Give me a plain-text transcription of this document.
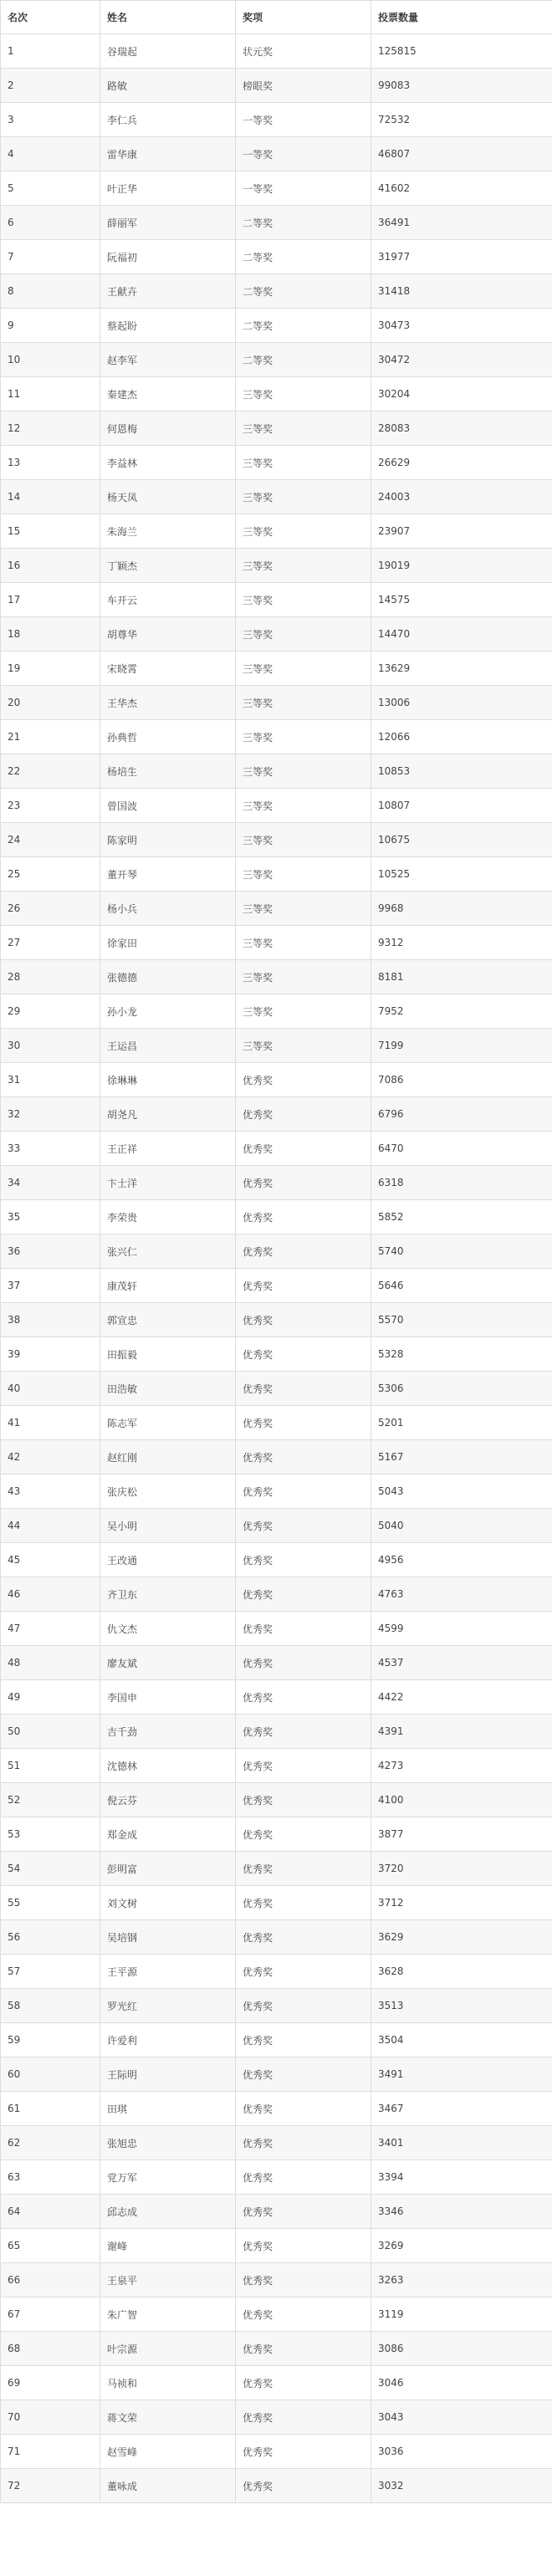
名次	姓名	奖项	投票数量
1	谷瑞起	状元奖	125815
2	路敏	榜眼奖	99083
3	李仁兵	一等奖	72532
4	雷华康	一等奖	46807
5	叶正华	一等奖	41602
6	薛丽军	二等奖	36491
7	阮福初	二等奖	31977
8	王献卉	二等奖	31418
9	蔡起盼	二等奖	30473
10	赵李军	二等奖	30472
11	秦建杰	三等奖	30204
12	何恩梅	三等奖	28083
13	李益林	三等奖	26629
14	杨天凤	三等奖	24003
15	朱海兰	三等奖	23907
16	丁颖杰	三等奖	19019
17	车开云	三等奖	14575
18	胡尊华	三等奖	14470
19	宋晓霄	三等奖	13629
20	王华杰	三等奖	13006
21	孙典哲	三等奖	12066
22	杨培生	三等奖	10853
23	曾国波	三等奖	10807
24	陈家明	三等奖	10675
25	董开琴	三等奖	10525
26	杨小兵	三等奖	9968
27	徐家田	三等奖	9312
28	张德德	三等奖	8181
29	孙小龙	三等奖	7952
30	王运昌	三等奖	7199
31	徐琳琳	优秀奖	7086
32	胡尧凡	优秀奖	6796
33	王正祥	优秀奖	6470
34	卞士洋	优秀奖	6318
35	李荣贵	优秀奖	5852
36	张兴仁	优秀奖	5740
37	康茂轩	优秀奖	5646
38	郭宣忠	优秀奖	5570
39	田振毅	优秀奖	5328
40	田浩敏	优秀奖	5306
41	陈志军	优秀奖	5201
42	赵红刚	优秀奖	5167
43	张庆松	优秀奖	5043
44	吴小明	优秀奖	5040
45	王改通	优秀奖	4956
46	齐卫东	优秀奖	4763
47	仇文杰	优秀奖	4599
48	廖友斌	优秀奖	4537
49	李国申	优秀奖	4422
50	吉千劲	优秀奖	4391
51	沈德林	优秀奖	4273
52	倪云芬	优秀奖	4100
53	郑金成	优秀奖	3877
54	彭明富	优秀奖	3720
55	刘文树	优秀奖	3712
56	吴培钢	优秀奖	3629
57	王平源	优秀奖	3628
58	罗光红	优秀奖	3513
59	许爱利	优秀奖	3504
60	王际明	优秀奖	3491
61	田琪	优秀奖	3467
62	张旭忠	优秀奖	3401
63	党万军	优秀奖	3394
64	邱志成	优秀奖	3346
65	谢峰	优秀奖	3269
66	王泉平	优秀奖	3263
67	朱广智	优秀奖	3119
68	叶宗源	优秀奖	3086
69	马祯和	优秀奖	3046
70	蒋文荣	优秀奖	3043
71	赵雪峰	优秀奖	3036
72	董咏成	优秀奖	3032
